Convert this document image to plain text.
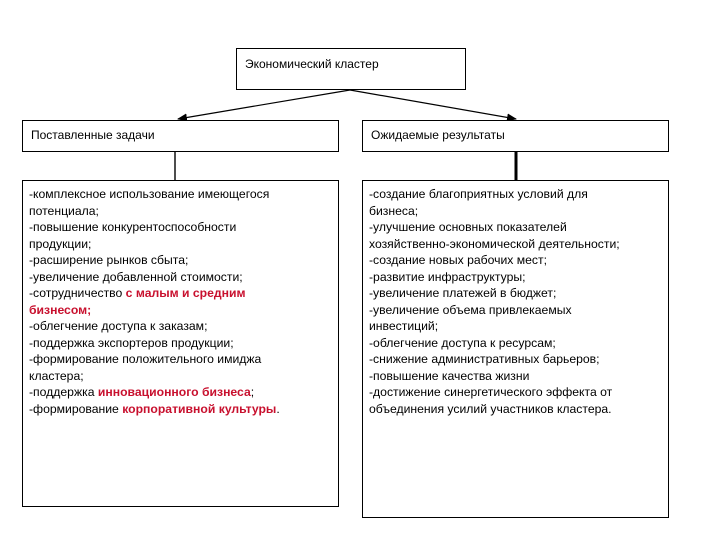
Экономический кластер
Поставленные задачи	Ожидаемые результаты
-комплексное использование имеющегося
потенциала;
-повышение конкурентоспособности
продукции;
-расширение рынков сбыта;
-увеличение добавленной стоимости;
-сотрудничество с малым и средним
бизнесом;
-облегчение доступа к заказам;
-поддержка экспортеров продукции;
-формирование положительного имиджа
кластера;
-поддержка инновационного бизнеса;
-формирование корпоративной культуры.
-создание благоприятных условий для
бизнеса;
-улучшение основных показателей
хозяйственно-экономической деятельности;
-создание новых рабочих мест;
-развитие инфраструктуры;
-увеличение платежей в бюджет;
-увеличение объема привлекаемых
инвестиций;
-облегчение доступа к ресурсам;
-снижение административных барьеров;
-повышение качества жизни
-достижение синергетического эффекта от
объединения усилий участников кластера.
